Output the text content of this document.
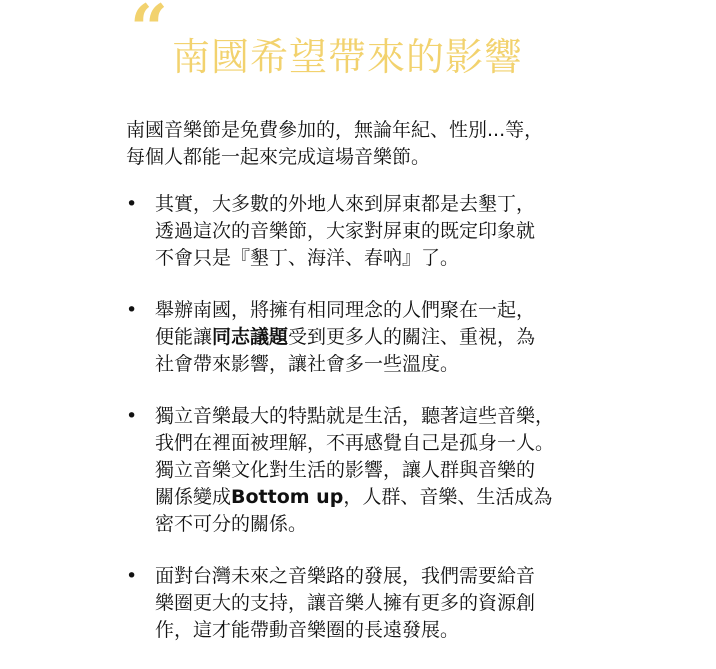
“ 南國希望帶來的影響
南國音樂節是免費參加的，無論年紀、性別...等，
每個人都能一起來完成這場音樂節。
• 其實，大多數的外地人來到屏東都是去墾丁，
透過這次的音樂節，大家對屏東的既定印象就
不會只是『墾丁、海洋、春吶』了。
• 舉辦南國，將擁有相同理念的人們聚在一起，
便能讓同志議題受到更多人的關注、重視，為
社會帶來影響，讓社會多一些溫度。
• 獨立音樂最大的特點就是生活，聽著這些音樂，
我們在裡面被理解，不再感覺自己是孤身一人。
獨立音樂文化對生活的影響，讓人群與音樂的
關係變成Bottom up，人群、音樂、生活成為
密不可分的關係。
• 面對台灣未來之音樂路的發展，我們需要給音
樂圈更大的支持，讓音樂人擁有更多的資源創
作，這才能帶動音樂圈的長遠發展。
